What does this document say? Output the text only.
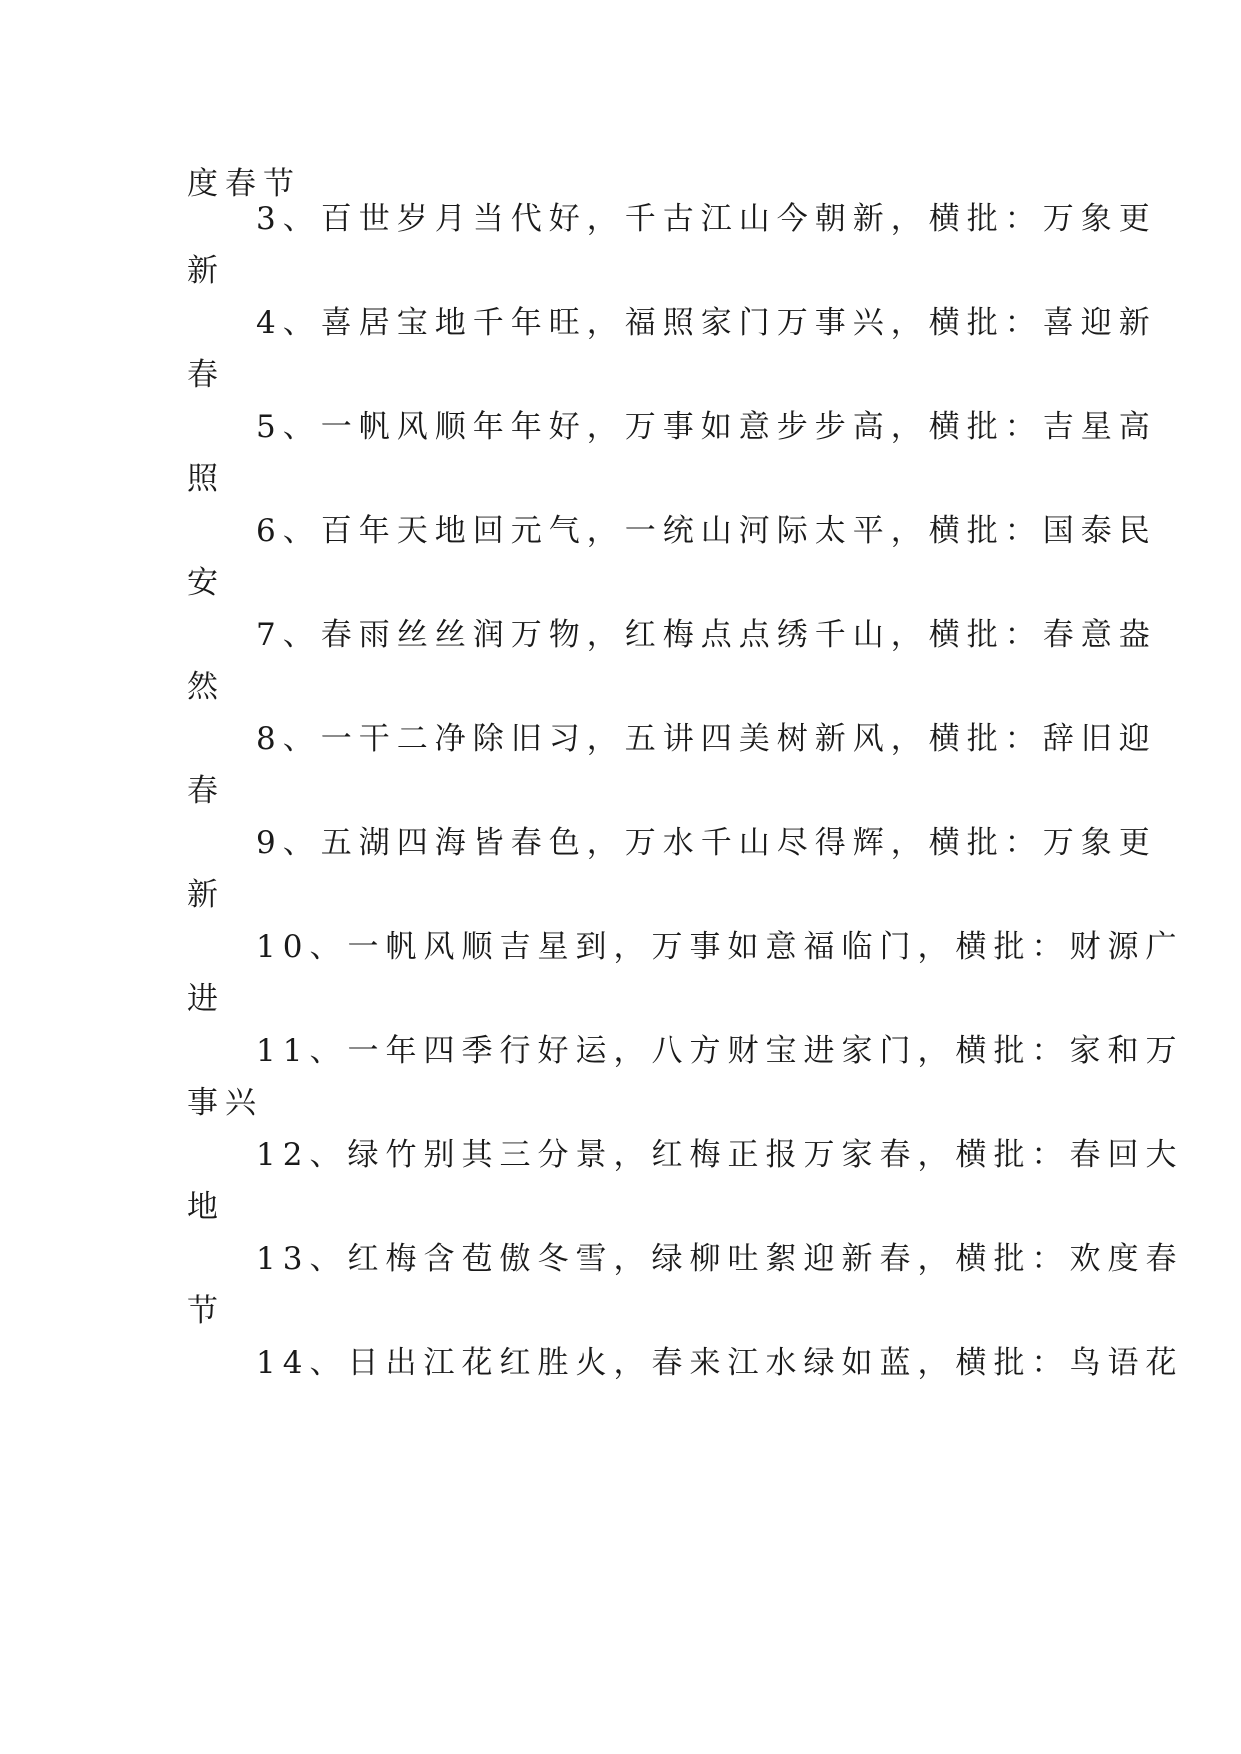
度春节
3、百世岁月当代好，千古江山今朝新，横批：万象更
新
4、喜居宝地千年旺，福照家门万事兴，横批：喜迎新
春
5、一帆风顺年年好，万事如意步步高，横批：吉星高
照
6、百年天地回元气，一统山河际太平，横批：国泰民
安
7、春雨丝丝润万物，红梅点点绣千山，横批：春意盎
然
8、一干二净除旧习，五讲四美树新风，横批：辞旧迎
春
9、五湖四海皆春色，万水千山尽得辉，横批：万象更
新
10、一帆风顺吉星到，万事如意福临门，横批：财源广
进
11、一年四季行好运，八方财宝进家门，横批：家和万
事兴
12、绿竹别其三分景，红梅正报万家春，横批：春回大
地
13、红梅含苞傲冬雪，绿柳吐絮迎新春，横批：欢度春
节
14、日出江花红胜火，春来江水绿如蓝，横批：鸟语花
